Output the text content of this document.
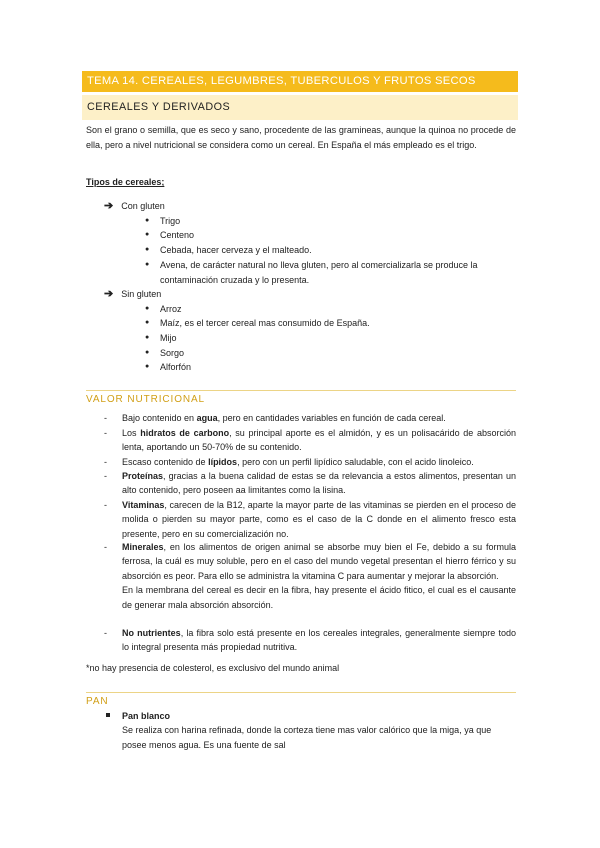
TEMA 14. CEREALES, LEGUMBRES, TUBERCULOS Y FRUTOS SECOS
CEREALES Y DERIVADOS
Son el grano o semilla, que es seco y sano, procedente de las gramineas, aunque la quinoa no procede de ella, pero a nivel nutricional se considera como un cereal. En España el más empleado es el trigo.
Tipos de cereales;
➔ Con gluten
● Trigo
● Centeno
● Cebada, hacer cerveza y el malteado.
● Avena, de carácter natural no lleva gluten, pero al comercializarla se produce la contaminación cruzada y lo presenta.
➔ Sin gluten
● Arroz
● Maíz, es el tercer cereal mas consumido de España.
● Mijo
● Sorgo
● Alforfón
VALOR NUTRICIONAL
- Bajo contenido en agua, pero en cantidades variables en función de cada cereal.
- Los hidratos de carbono, su principal aporte es el almidón, y es un polisacárido de absorción lenta, aportando un 50-70% de su contenido.
- Escaso contenido de lípidos, pero con un perfil lipídico saludable, con el acido linoleico.
- Proteínas, gracias a la buena calidad de estas se da relevancia a estos alimentos, presentan un alto contenido, pero poseen aa limitantes como la lisina.
- Vitaminas, carecen de la B12, aparte la mayor parte de las vitaminas se pierden en el proceso de molida o pierden su mayor parte, como es el caso de la C donde en el alimento fresco esta presente, pero en su comercialización no.
- Minerales, en los alimentos de origen animal se absorbe muy bien el Fe, debido a su formula ferrosa, la cuál es muy soluble, pero en el caso del mundo vegetal presentan el hierro férrico y su absorción es peor. Para ello se administra la vitamina C para aumentar y mejorar la absorción.
En la membrana del cereal es decir en la fibra, hay presente el ácido fitico, el cual es el causante de generar mala absorción absorción.
- No nutrientes, la fibra solo está presente en los cereales integrales, generalmente siempre todo lo integral presenta más propiedad nutritiva.
*no hay presencia de colesterol, es exclusivo del mundo animal
PAN
Pan blanco
Se realiza con harina refinada, donde la corteza tiene mas valor calórico que la miga, ya que posee menos agua. Es una fuente de sal
